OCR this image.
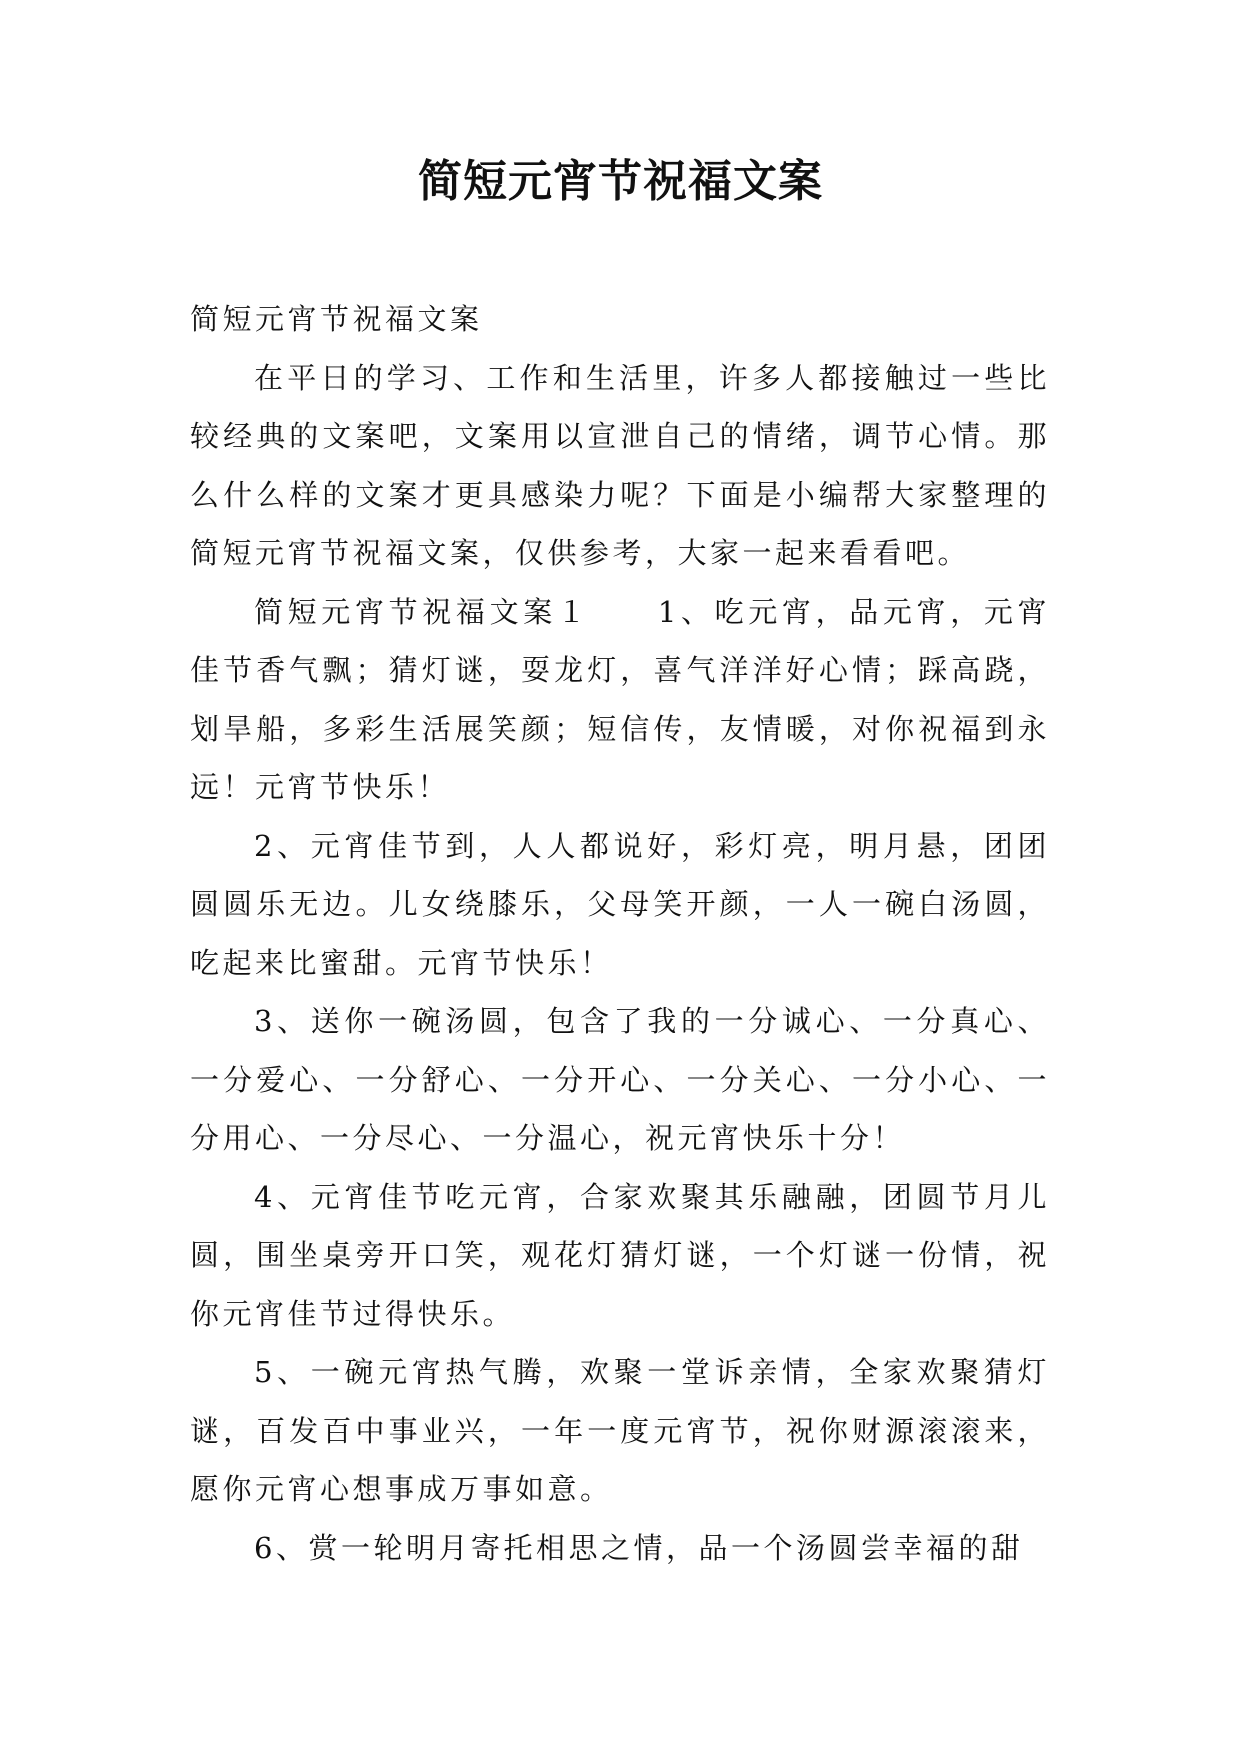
简短元宵节祝福文案

简短元宵节祝福文案

在平日的学习、工作和生活里，许多人都接触过一些比较经典的文案吧，文案用以宣泄自己的情绪，调节心情。那么什么样的文案才更具感染力呢？下面是小编帮大家整理的简短元宵节祝福文案，仅供参考，大家一起来看看吧。

简短元宵节祝福文案１　　1、吃元宵，品元宵，元宵佳节香气飘；猜灯谜，耍龙灯，喜气洋洋好心情；踩高跷，划旱船，多彩生活展笑颜；短信传，友情暖，对你祝福到永远！元宵节快乐！

2、元宵佳节到，人人都说好，彩灯亮，明月悬，团团圆圆乐无边。儿女绕膝乐，父母笑开颜，一人一碗白汤圆，吃起来比蜜甜。元宵节快乐！

3、送你一碗汤圆，包含了我的一分诚心、一分真心、一分爱心、一分舒心、一分开心、一分关心、一分小心、一分用心、一分尽心、一分温心，祝元宵快乐十分！

4、元宵佳节吃元宵，合家欢聚其乐融融，团圆节月儿圆，围坐桌旁开口笑，观花灯猜灯谜，一个灯谜一份情，祝你元宵佳节过得快乐。

5、一碗元宵热气腾，欢聚一堂诉亲情，全家欢聚猜灯谜，百发百中事业兴，一年一度元宵节，祝你财源滚滚来，愿你元宵心想事成万事如意。

6、赏一轮明月寄托相思之情，品一个汤圆尝幸福的甜
